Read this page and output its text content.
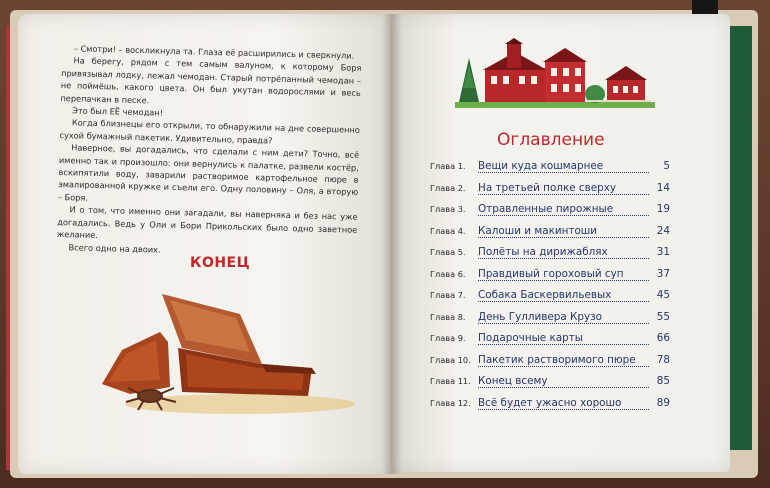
– Смотри! – воскликнула та. Глаза её расширились и сверкнули.

На берегу, рядом с тем самым валуном, к которому Боря привязывал лодку, лежал чемодан. Старый потрёпанный чемодан – не поймёшь, какого цвета. Он был укутан водорослями и весь перепачкан в песке.

Это был ЕЁ чемодан!

Когда близнецы его открыли, то обнаружили на дне совершенно сухой бумажный пакетик. Удивительно, правда?

Наверное, вы догадались, что сделали с ним дети? Точно, всё именно так и произошло: они вернулись к палатке, развели костёр, вскипятили воду, заварили растворимое картофельное пюре в эмалированной кружке и съели его. Одну половину – Оля, а вторую – Боря.

И о том, что именно они загадали, вы наверняка и без нас уже догадались. Ведь у Оли и Бори Прикольских было одно заветное желание.

Всего одно на двоих.

КОНЕЦ
Оглавление
Глава 1.	Вещи куда кошмарнее	5
Глава 2.	На третьей полке сверху	14
Глава 3.	Отравленные пирожные	19
Глава 4.	Калоши и макинтоши	24
Глава 5.	Полёты на дирижаблях	31
Глава 6.	Правдивый гороховый суп	37
Глава 7.	Собака Баскервильевых	45
Глава 8.	День Гулливера Крузо	55
Глава 9.	Подарочные карты	66
Глава 10. Пакетик растворимого пюре	78
Глава 11. Конец всему	85
Глава 12. Всё будет ужасно хорошо	89
